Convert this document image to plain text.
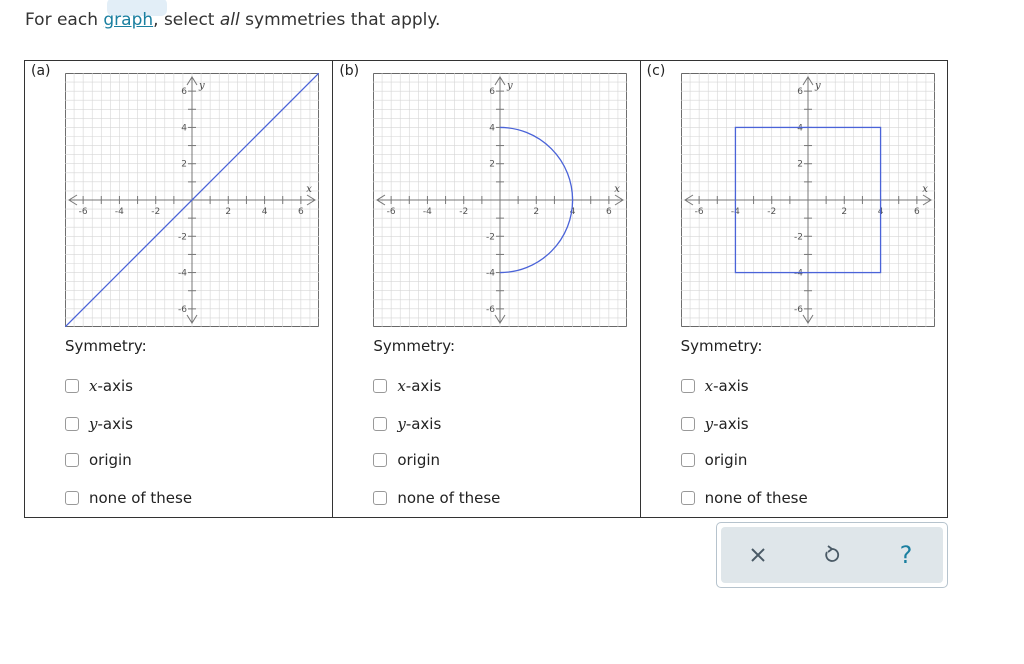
For each graph, select all symmetries that apply.
(a)
-6	-4	-2	2	4	6
6
4
2
-2
-4
-6
x
y
Symmetry:
x -axis
y -axis
origin
none of these
(b)
-6	-4	-2	2	4	6
6
4
2
-2
-4
-6
x
y
Symmetry:
x -axis
y -axis
origin
none of these
(c)
-6	-4	-2	2	4	6
6
4
2
-2
-4
-6
x
y
Symmetry:
x -axis
y -axis
origin
none of these
?
